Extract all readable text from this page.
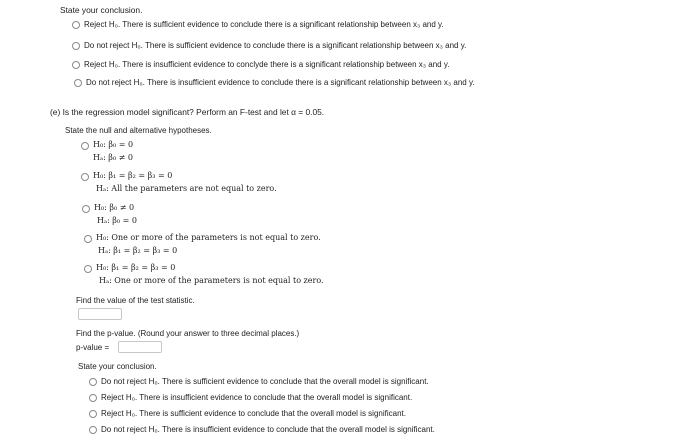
State your conclusion.
Reject H₀. There is sufficient evidence to conclude there is a significant relationship between x₃ and y.
Do not reject H₀. There is sufficient evidence to conclude there is a significant relationship between x₃ and y.
Reject H₀. There is insufficient evidence to conclyde there is a significant relationship between x₃ and y.
Do not reject H₀. There is insufficient evidence to conclude there is a significant relationship between x₃ and y.
(e) Is the regression model significant? Perform an F-test and let α = 0.05.
State the null and alternative hypotheses.
H₀: β₀ = 0
Hₐ: β₀ ≠ 0
H₀: β₁ = β₂ = β₃ = 0
Hₐ: All the parameters are not equal to zero.
H₀: β₀ ≠ 0
Hₐ: β₀ = 0
H₀: One or more of the parameters is not equal to zero.
Hₐ: β₁ = β₂ = β₃ = 0
H₀: β₁ = β₂ = β₃ = 0
Hₐ: One or more of the parameters is not equal to zero.
Find the value of the test statistic.
Find the p-value. (Round your answer to three decimal places.)
p-value =
State your conclusion.
Do not reject H₀. There is sufficient evidence to conclude that the overall model is significant.
Reject H₀. There is insufficient evidence to conclude that the overall model is significant.
Reject H₀. There is sufficient evidence to conclude that the overall model is significant.
Do not reject H₀. There is insufficient evidence to conclude that the overall model is significant.
